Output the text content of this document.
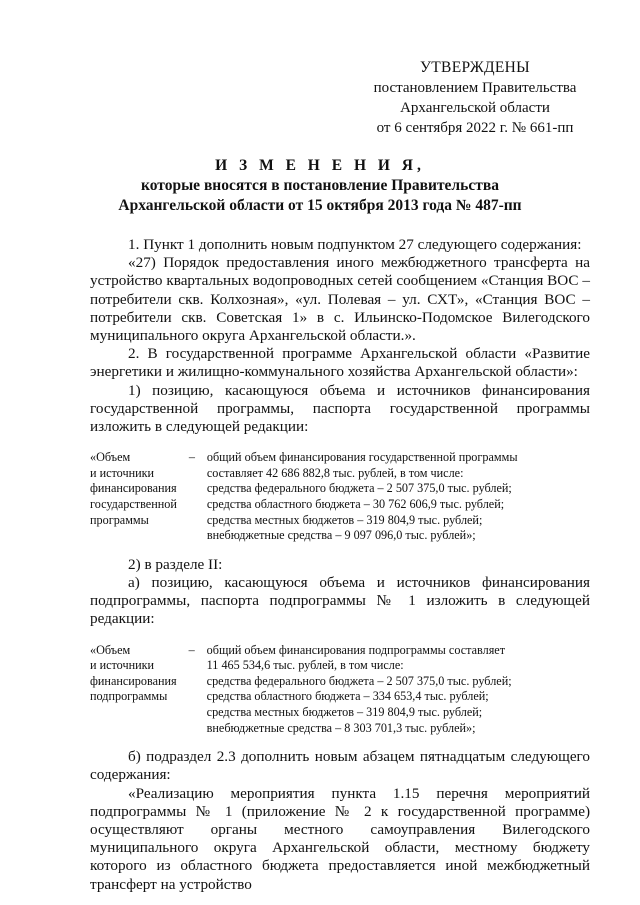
УТВЕРЖДЕНЫ
постановлением Правительства
Архангельской области
от 6 сентября 2022 г. № 661-пп
И З М Е Н Е Н И Я,
которые вносятся в постановление Правительства
Архангельской области от 15 октября 2013 года № 487-пп

1. Пункт 1 дополнить новым подпунктом 27 следующего содержания:

«27) Порядок предоставления иного межбюджетного трансферта на устройство квартальных водопроводных сетей сообщением «Станция ВОС – потребители скв. Колхозная», «ул. Полевая – ул. СХТ», «Станция ВОС – потребители скв. Советская 1» в с. Ильинско-Подомское Вилегодского муниципального округа Архангельской области.».

2. В государственной программе Архангельской области «Развитие энергетики и жилищно-коммунального хозяйства Архангельской области»:

1) позицию, касающуюся объема и источников финансирования государственной программы, паспорта государственной программы изложить в следующей редакции:

«Объем
и источники
финансирования
государственной
программы
	–	общий объем финансирования государственной программы
составляет 42 686 882,8 тыс. рублей, в том числе:
средства федерального бюджета – 2 507 375,0 тыс. рублей;
средства областного бюджета – 30 762 606,9 тыс. рублей;
средства местных бюджетов – 319 804,9 тыс. рублей;
внебюджетные средства – 9 097 096,0 тыс. рублей»;

2) в разделе II:

а) позицию, касающуюся объема и источников финансирования подпрограммы, паспорта подпрограммы № 1 изложить в следующей редакции:

«Объем
и источники
финансирования
подпрограммы
	–	общий объем финансирования подпрограммы составляет
11 465 534,6 тыс. рублей, в том числе:
средства федерального бюджета – 2 507 375,0 тыс. рублей;
средства областного бюджета – 334 653,4 тыс. рублей;
средства местных бюджетов – 319 804,9 тыс. рублей;
внебюджетные средства – 8 303 701,3 тыс. рублей»;

б) подраздел 2.3 дополнить новым абзацем пятнадцатым следующего содержания:

«Реализацию мероприятия пункта 1.15 перечня мероприятий подпрограммы № 1 (приложение № 2 к государственной программе) осуществляют органы местного самоуправления Вилегодского муниципального округа Архангельской области, местному бюджету которого из областного бюджета предоставляется иной межбюджетный трансферт на устройство
